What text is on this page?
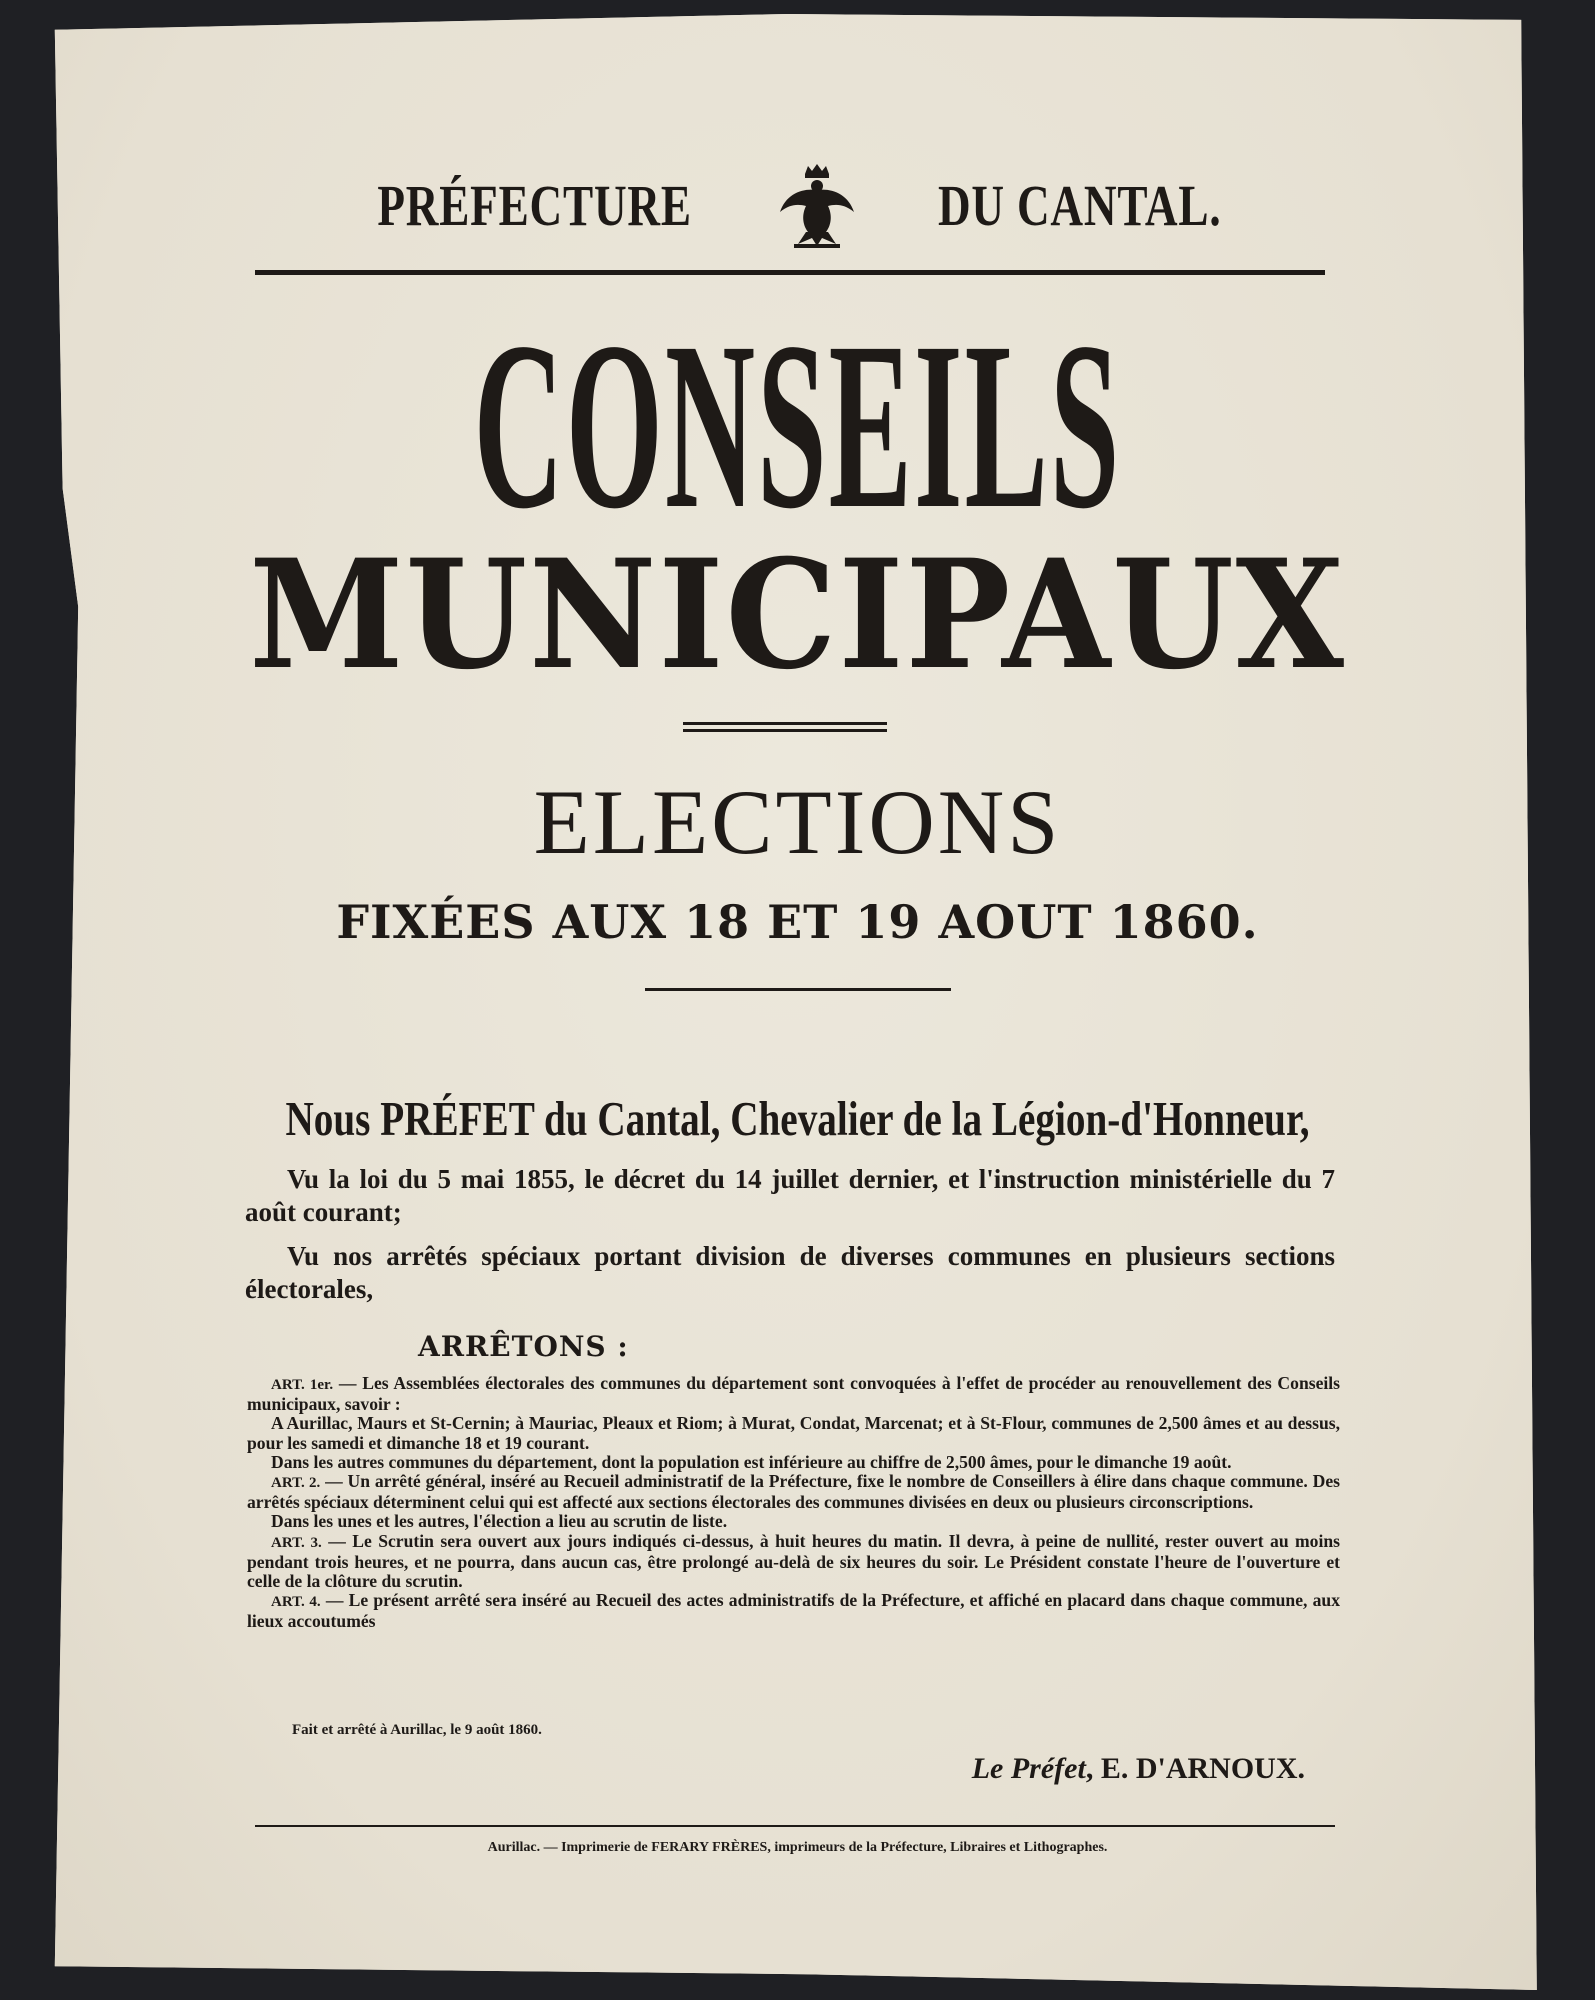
PRÉFECTURE	DU CANTAL.
CONSEILS
MUNICIPAUX
ELECTIONS
FIXÉES AUX 18 ET 19 AOUT 1860.
Nous PRÉFET du Cantal, Chevalier de la Légion-d'Honneur,
Vu la loi du 5 mai 1855, le décret du 14 juillet dernier, et l'instruction ministérielle du 7 août courant;
Vu nos arrêtés spéciaux portant division de diverses communes en plusieurs sections électorales,
ARRÊTONS :

ART. 1er. — Les Assemblées électorales des communes du département sont convoquées à l'effet de procéder au renouvellement des Conseils municipaux, savoir :

A Aurillac, Maurs et St-Cernin; à Mauriac, Pleaux et Riom; à Murat, Condat, Marcenat; et à St-Flour, communes de 2,500 âmes et au dessus, pour les samedi et dimanche 18 et 19 courant.

Dans les autres communes du département, dont la population est inférieure au chiffre de 2,500 âmes, pour le dimanche 19 août.

ART. 2. — Un arrêté général, inséré au Recueil administratif de la Préfecture, fixe le nombre de Conseillers à élire dans chaque commune. Des arrêtés spéciaux déterminent celui qui est affecté aux sections électorales des communes divisées en deux ou plusieurs circonscriptions.

Dans les unes et les autres, l'élection a lieu au scrutin de liste.

ART. 3. — Le Scrutin sera ouvert aux jours indiqués ci-dessus, à huit heures du matin. Il devra, à peine de nullité, rester ouvert au moins pendant trois heures, et ne pourra, dans aucun cas, être prolongé au-delà de six heures du soir. Le Président constate l'heure de l'ouverture et celle de la clôture du scrutin.

ART. 4. — Le présent arrêté sera inséré au Recueil des actes administratifs de la Préfecture, et affiché en placard dans chaque commune, aux lieux accoutumés

Fait et arrêté à Aurillac, le 9 août 1860.
Le Préfet, E. D'ARNOUX.
Aurillac. — Imprimerie de FERARY FRÈRES, imprimeurs de la Préfecture, Libraires et Lithographes.
